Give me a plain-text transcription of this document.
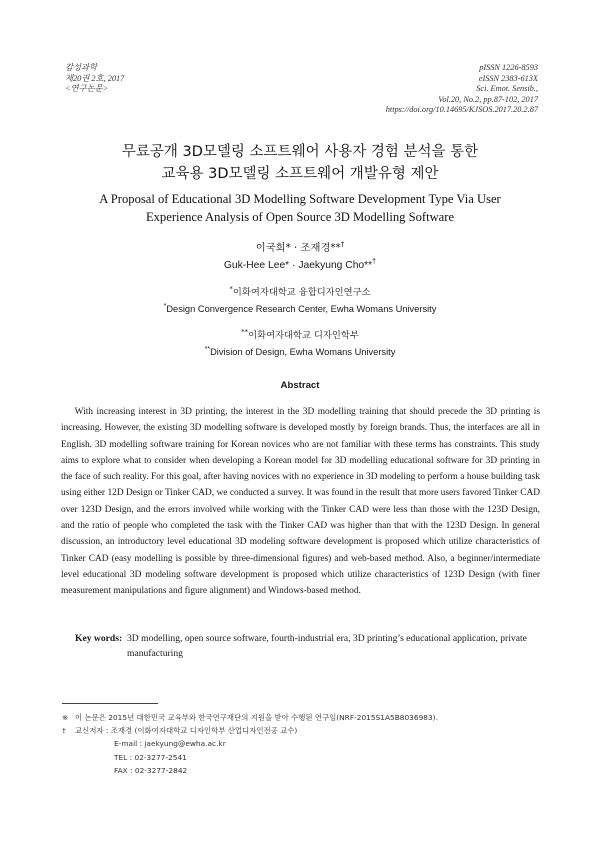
감성과학
제20권 2호, 2017
<연구논문>
pISSN 1226-8593
eISSN 2383-613X
Sci. Emot. Sensib.,
Vol.20, No.2, pp.87-102, 2017
https://doi.org/10.14695/KJSOS.2017.20.2.87
무료공개 3D모델링 소프트웨어 사용자 경험 분석을 통한
교육용 3D모델링 소프트웨어 개발유형 제안
A Proposal of Educational 3D Modelling Software Development Type Via User
Experience Analysis of Open Source 3D Modelling Software
이국희* · 조재경**†
Guk-Hee Lee* · Jaekyung Cho**†
*이화여자대학교 융합디자인연구소
*Design Convergence Research Center, Ewha Womans University
**이화여자대학교 디자인학부
**Division of Design, Ewha Womans University
Abstract

With increasing interest in 3D printing, the interest in the 3D modelling training that should precede the 3D printing is increasing. However, the existing 3D modelling software is developed mostly by foreign brands. Thus, the interfaces are all in English. 3D modelling software training for Korean novices who are not familiar with these terms has constraints. This study aims to explore what to consider when developing a Korean model for 3D modelling educational software for 3D printing in the face of such reality. For this goal, after having novices with no experience in 3D modeling to perform a house building task using either 12D Design or Tinker CAD, we conducted a survey. It was found in the result that more users favored Tinker CAD over 123D Design, and the errors involved while working with the Tinker CAD were less than those with the 123D Design, and the ratio of people who completed the task with the Tinker CAD was higher than that with the 123D Design. In general discussion, an introductory level educational 3D modeling software development is proposed which utilize characteristics of Tinker CAD (easy modelling is possible by three-dimensional figures) and web-based method. Also, a beginner/intermediate level educational 3D modeling software development is proposed which utilize characteristics of 123D Design (with finer measurement manipulations and figure alignment) and Windows-based method.

Key words: 3D modelling, open source software, fourth-industrial era, 3D printing’s educational application, private manufacturing
※ 이 논문은 2015년 대한민국 교육부와 한국연구재단의 지원을 받아 수행된 연구임(NRF-2015S1A5B8036983).
† 교신저자 : 조재경 (이화여자대학교 디자인학부 산업디자인전공 교수)
E-mail : jaekyung@ewha.ac.kr
TEL : 02-3277-2541
FAX : 02-3277-2842
